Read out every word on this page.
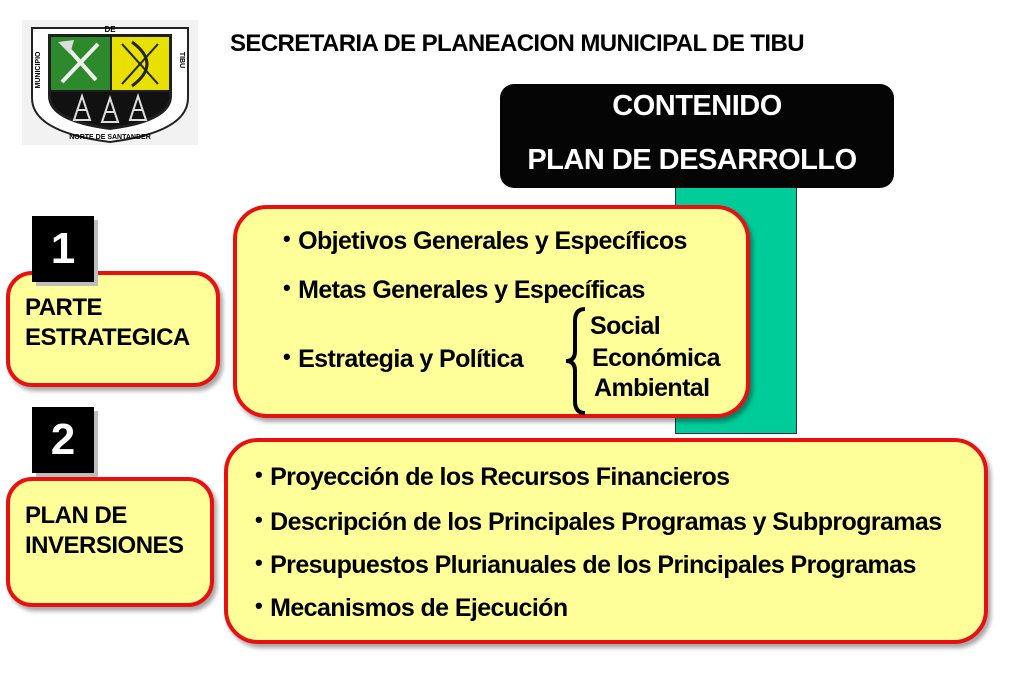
DE
MUNICIPIO	TIBU
NORTE DE SANTANDER
SECRETARIA DE PLANEACION MUNICIPAL DE TIBU
CONTENIDO
PLAN DE DESARROLLO
1
PARTE
ESTRATEGICA
• Objetivos Generales y Específicos
• Metas Generales y Específicas
• Estrategia y Política
Social
Económica
Ambiental
2
PLAN DE
INVERSIONES
• Proyección de los Recursos Financieros
• Descripción de los Principales Programas y Subprogramas
• Presupuestos Plurianuales de los Principales Programas
• Mecanismos de Ejecución
